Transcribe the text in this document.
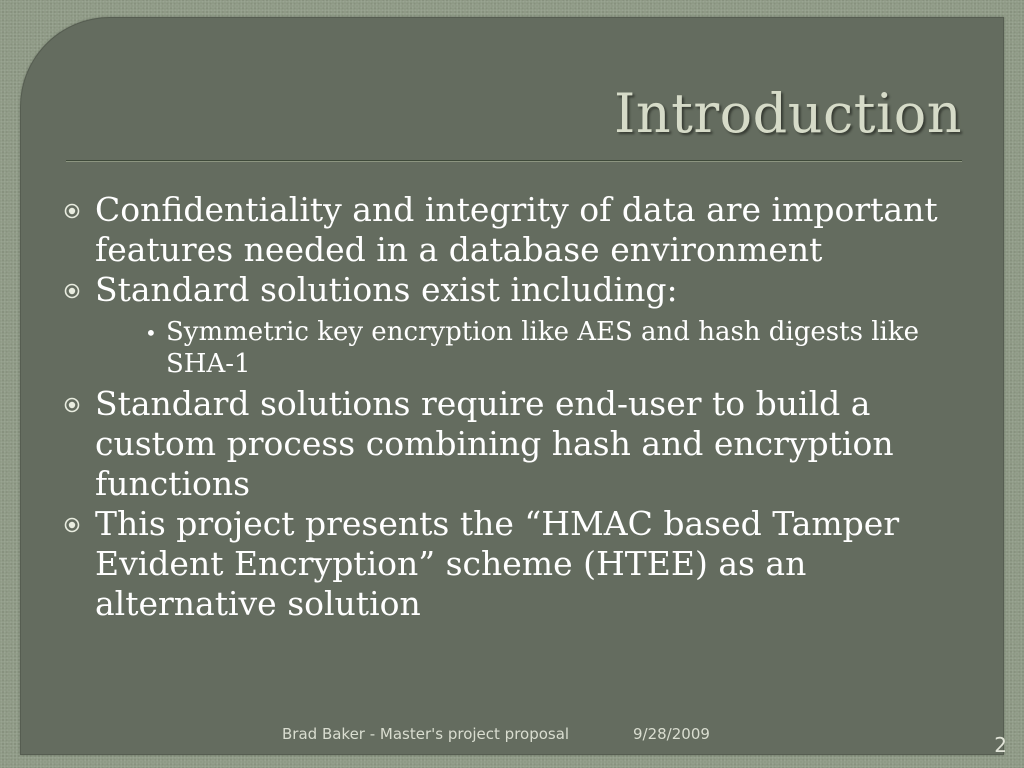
Introduction
Confidentiality and integrity of data are important features needed in a database environment
Standard solutions exist including:
• Symmetric key encryption like AES and hash digests like SHA-1
Standard solutions require end-user to build a custom process combining hash and encryption functions
This project presents the “HMAC based Tamper Evident Encryption” scheme (HTEE) as an alternative solution
Brad Baker - Master's project proposal	9/28/2009	2
